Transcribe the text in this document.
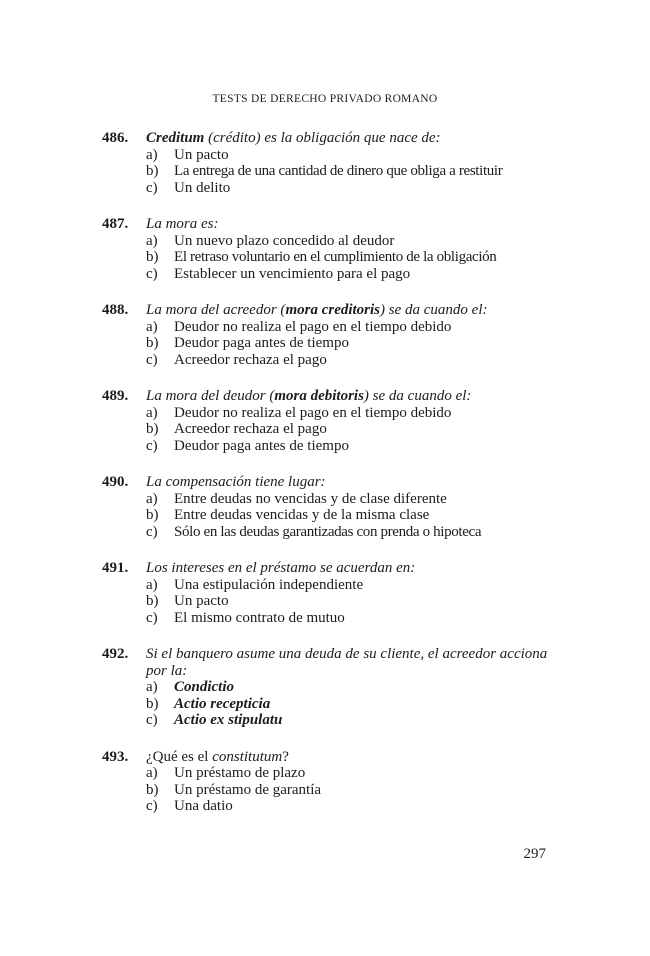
TESTS DE DERECHO PRIVADO ROMANO
486.	Creditum (crédito) es la obligación que nace de:
a)	Un pacto
b)	La entrega de una cantidad de dinero que obliga a restituir
c)	Un delito
487.	La mora es:
a)	Un nuevo plazo concedido al deudor
b)	El retraso voluntario en el cumplimiento de la obligación
c)	Establecer un vencimiento para el pago
488.	La mora del acreedor (mora creditoris) se da cuando el:
a)	Deudor no realiza el pago en el tiempo debido
b)	Deudor paga antes de tiempo
c)	Acreedor rechaza el pago
489.	La mora del deudor (mora debitoris) se da cuando el:
a)	Deudor no realiza el pago en el tiempo debido
b)	Acreedor rechaza el pago
c)	Deudor paga antes de tiempo
490.	La compensación tiene lugar:
a)	Entre deudas no vencidas y de clase diferente
b)	Entre deudas vencidas y de la misma clase
c)	Sólo en las deudas garantizadas con prenda o hipoteca
491.	Los intereses en el préstamo se acuerdan en:
a)	Una estipulación independiente
b)	Un pacto
c)	El mismo contrato de mutuo
492.	Si el banquero asume una deuda de su cliente, el acreedor acciona por la:
a)	Condictio
b)	Actio recepticia
c)	Actio ex stipulatu
493.	¿Qué es el constitutum?
a)	Un préstamo de plazo
b)	Un préstamo de garantía
c)	Una datio
297
